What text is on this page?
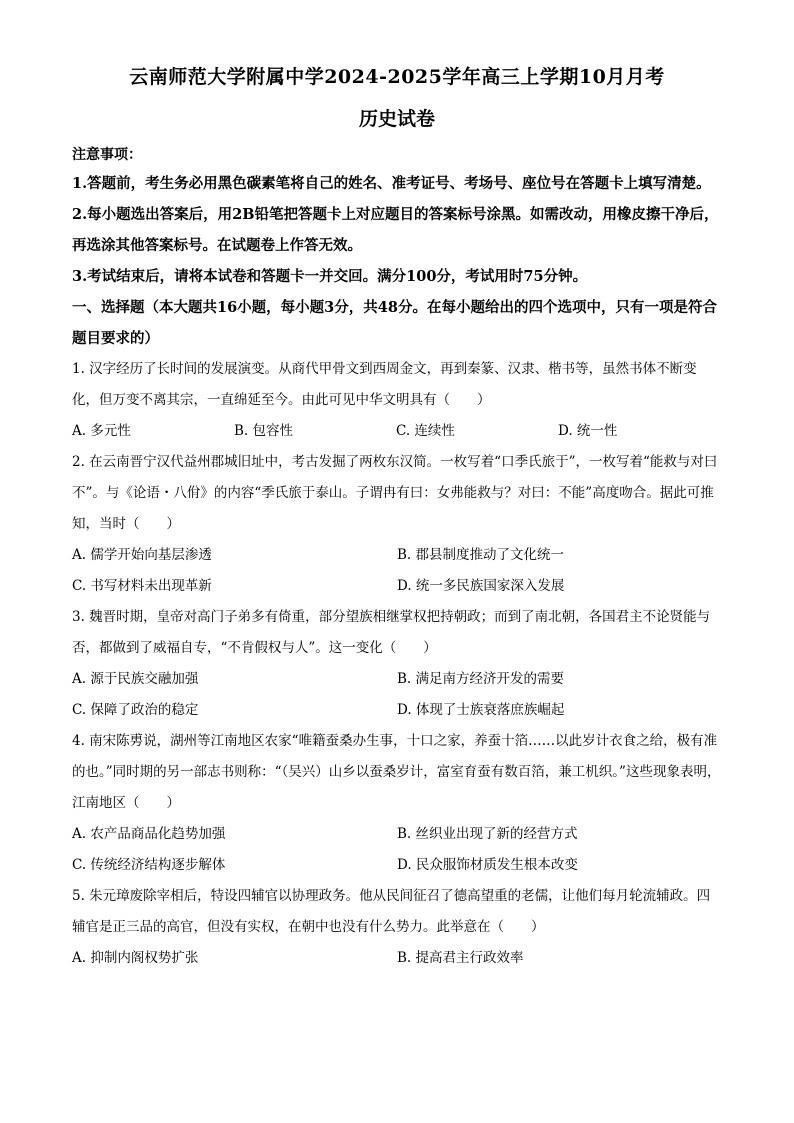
云南师范大学附属中学2024-2025学年高三上学期10月月考
历史试卷
注意事项：
1.答题前，考生务必用黑色碳素笔将自己的姓名、准考证号、考场号、座位号在答题卡上填写清楚。
2.每小题选出答案后，用2B铅笔把答题卡上对应题目的答案标号涂黑。如需改动，用橡皮擦干净后，再选涂其他答案标号。在试题卷上作答无效。
3.考试结束后，请将本试卷和答题卡一并交回。满分100分，考试用时75分钟。
一、选择题（本大题共16小题，每小题3分，共48分。在每小题给出的四个选项中，只有一项是符合题目要求的）

1. 汉字经历了长时间的发展演变。从商代甲骨文到西周金文，再到秦篆、汉隶、楷书等，虽然书体不断变化，但万变不离其宗，一直绵延至今。由此可见中华文明具有（　　）

A. 多元性	B. 包容性	C. 连续性	D. 统一性

2. 在云南晋宁汉代益州郡城旧址中，考古发掘了两枚东汉简。一枚写着“口季氏旅于”，一枚写着“能救与对曰不”。与《论语・八佾》的内容“季氏旅于泰山。子谓冉有曰：女弗能救与？对曰：不能”高度吻合。据此可推知，当时（　　）

A. 儒学开始向基层渗透	B. 郡县制度推动了文化统一
C. 书写材料未出现革新	D. 统一多民族国家深入发展

3. 魏晋时期，皇帝对高门子弟多有倚重，部分望族相继掌权把持朝政；而到了南北朝，各国君主不论贤能与否，都做到了威福自专，“不肯假权与人”。这一变化（　　）

A. 源于民族交融加强	B. 满足南方经济开发的需要
C. 保障了政治的稳定	D. 体现了士族衰落庶族崛起

4. 南宋陈旉说，湖州等江南地区农家“唯籍蚕桑办生事，十口之家，养蚕十箔……以此岁计衣食之给，极有准的也。”同时期的另一部志书则称：“（吴兴）山乡以蚕桑岁计，富室育蚕有数百箔，兼工机织。”这些现象表明，江南地区（　　）

A. 农产品商品化趋势加强	B. 丝织业出现了新的经营方式
C. 传统经济结构逐步解体	D. 民众服饰材质发生根本改变

5. 朱元璋废除宰相后，特设四辅官以协理政务。他从民间征召了德高望重的老儒，让他们每月轮流辅政。四辅官是正三品的高官，但没有实权，在朝中也没有什么势力。此举意在（　　）

A. 抑制内阁权势扩张	B. 提高君主行政效率
